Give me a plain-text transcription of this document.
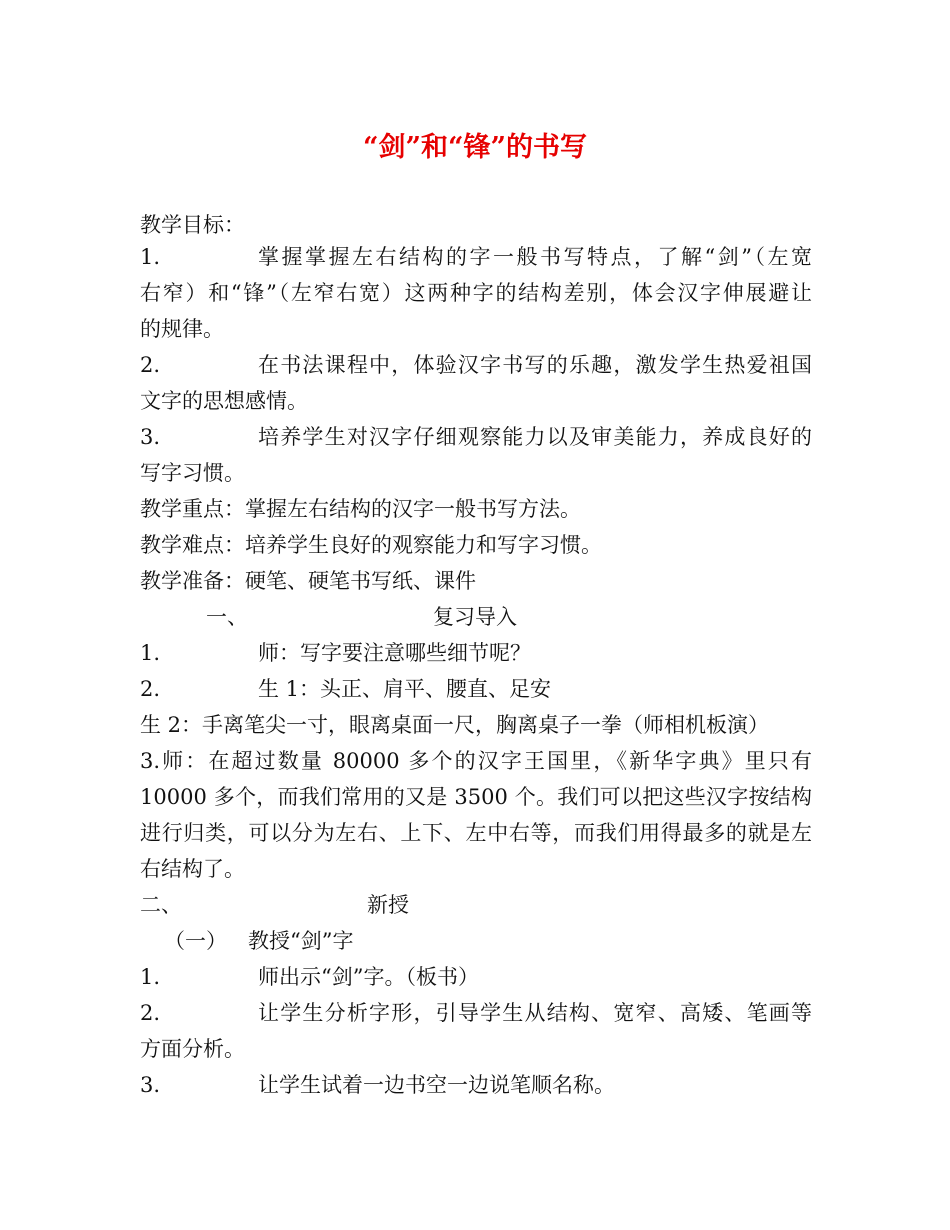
“剑”和“锋”的书写
教学目标：
1.	掌握掌握左右结构的字一般书写特点，了解“剑”（左宽
右窄）和“锋”（左窄右宽）这两种字的结构差别，体会汉字伸展避让
的规律。
2.	在书法课程中，体验汉字书写的乐趣，激发学生热爱祖国
文字的思想感情。
3.	培养学生对汉字仔细观察能力以及审美能力，养成良好的
写字习惯。
教学重点：掌握左右结构的汉字一般书写方法。
教学难点：培养学生良好的观察能力和写字习惯。
教学准备：硬笔、硬笔书写纸、课件
一、	复习导入
1.	师：写字要注意哪些细节呢？
2.	生 1：头正、肩平、腰直、足安
生 2：手离笔尖一寸，眼离桌面一尺，胸离桌子一拳（师相机板演）
3.师：在超过数量 80000 多个的汉字王国里，《新华字典》里只有
10000 多个，而我们常用的又是 3500 个。我们可以把这些汉字按结构
进行归类，可以分为左右、上下、左中右等，而我们用得最多的就是左
右结构了。
二、	新授
（一） 教授“剑”字
1.	师出示“剑”字。（板书）
2.	让学生分析字形，引导学生从结构、宽窄、高矮、笔画等
方面分析。
3.	让学生试着一边书空一边说笔顺名称。
